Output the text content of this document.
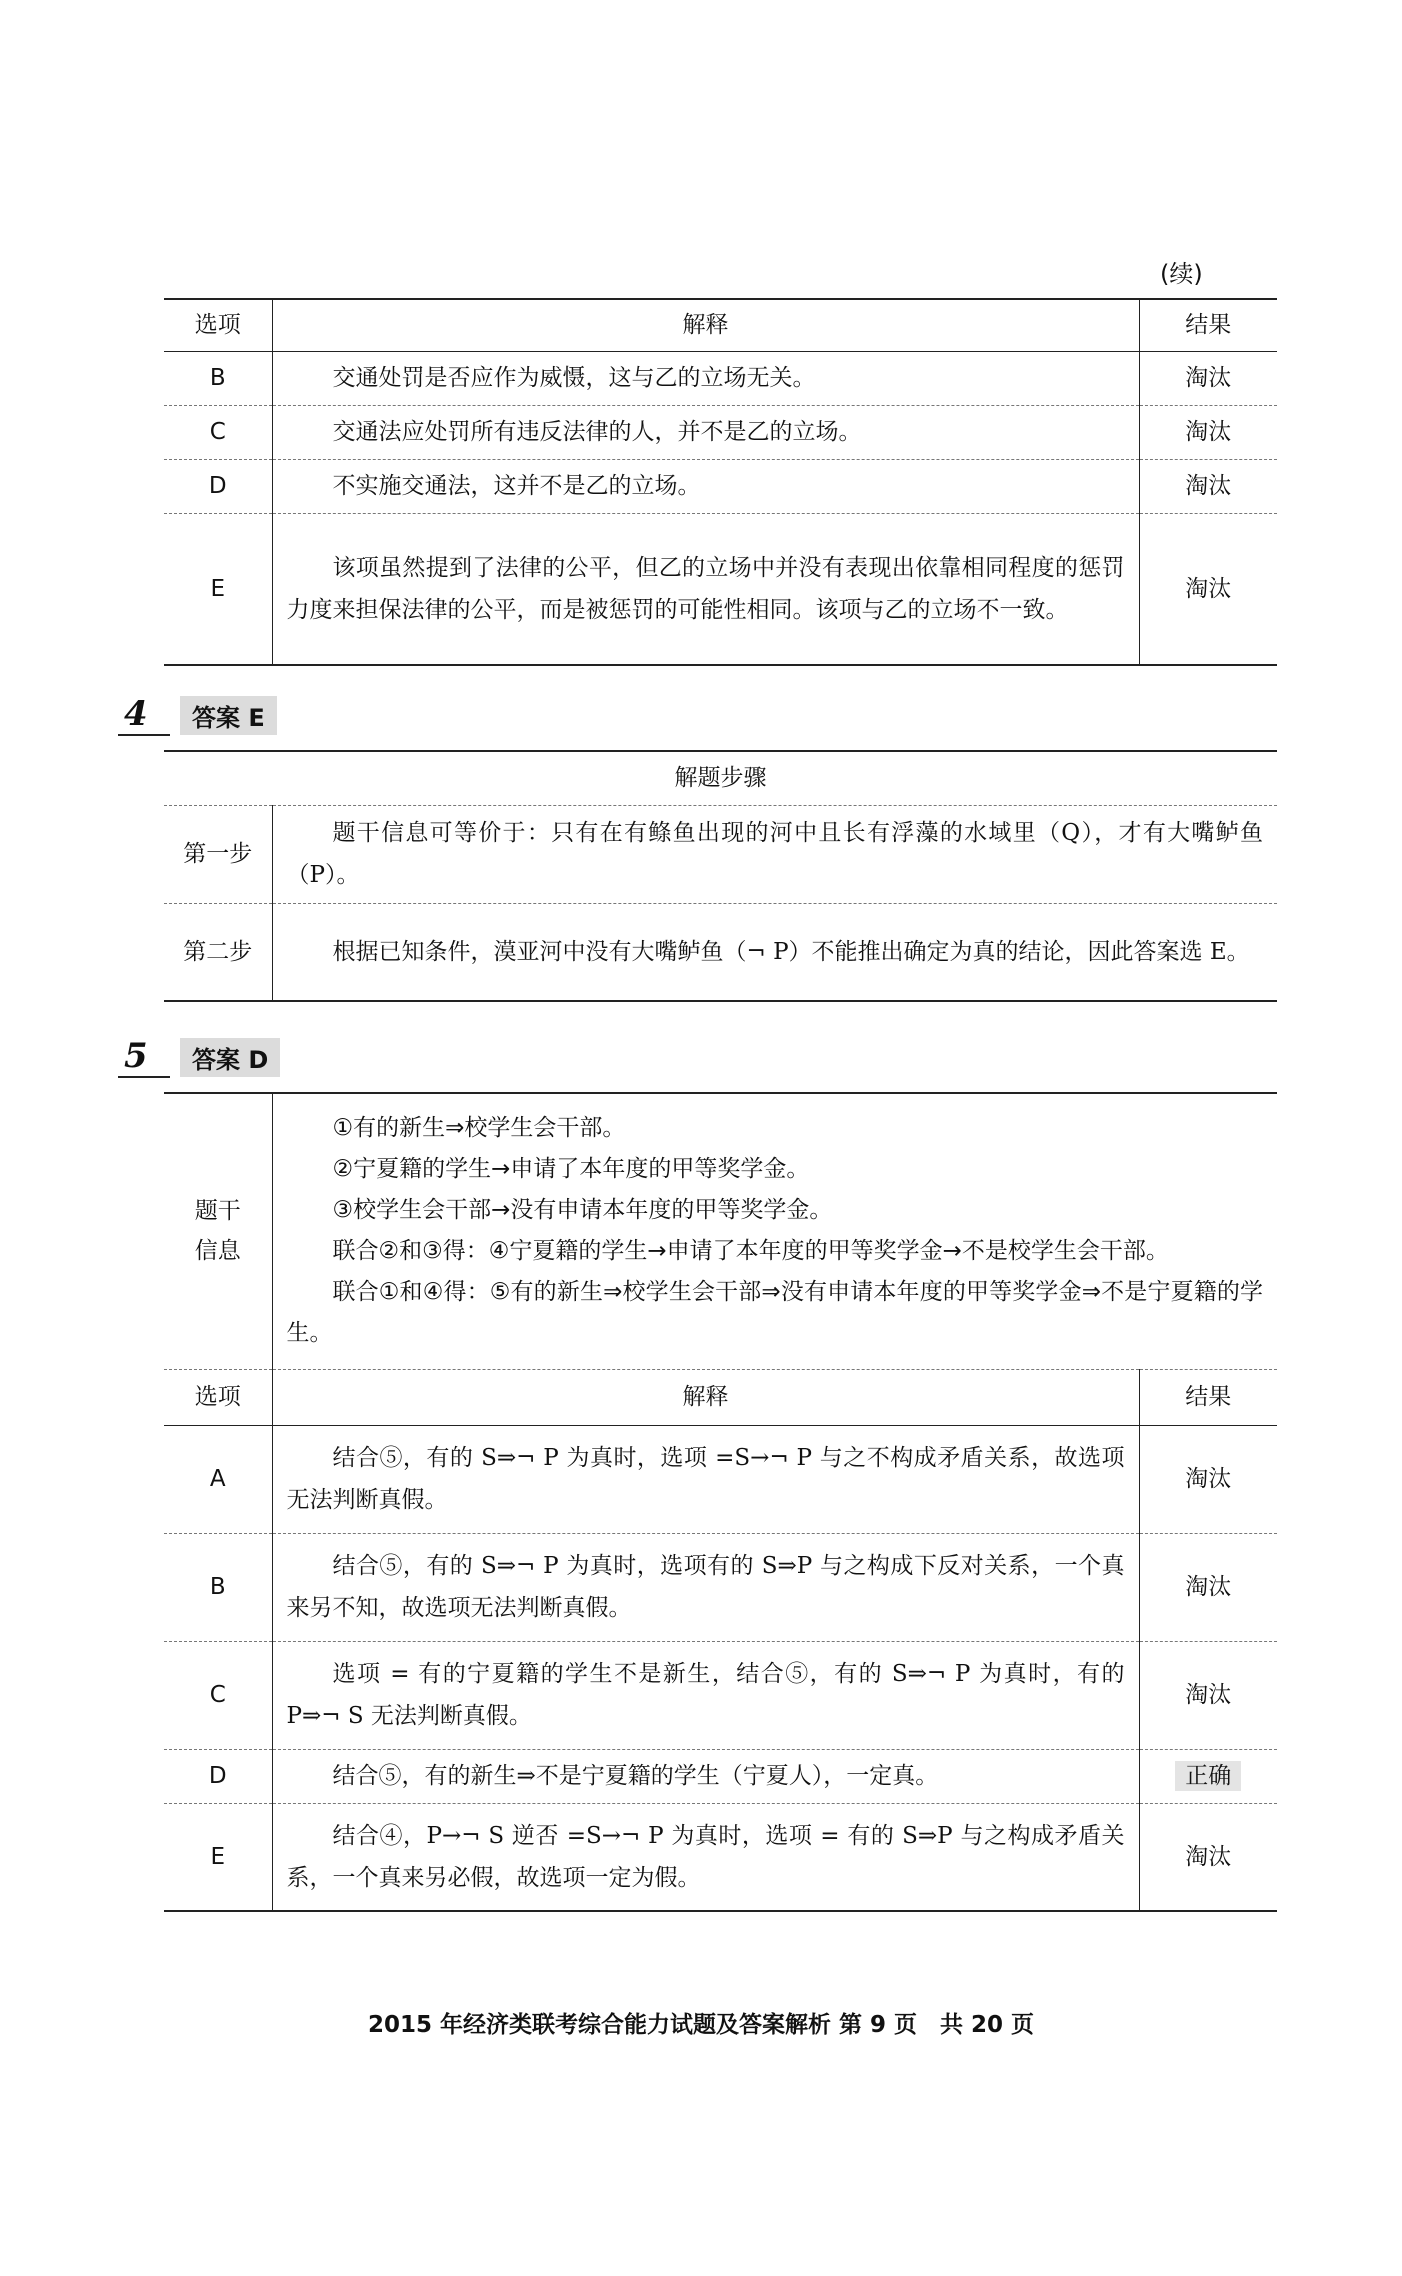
(续)
选项	解释	结果
B	交通处罚是否应作为威慑，这与乙的立场无关。	淘汰
C	交通法应处罚所有违反法律的人，并不是乙的立场。	淘汰
D	不实施交通法，这并不是乙的立场。	淘汰
E	该项虽然提到了法律的公平，但乙的立场中并没有表现出依靠相同程度的惩罚力度来担保法律的公平，而是被惩罚的可能性相同。该项与乙的立场不一致。	淘汰
4	答案 E
解题步骤	
第一步	题干信息可等价于：只有在有鲦鱼出现的河中且长有浮藻的水域里（Q），才有大嘴鲈鱼（P）。

第二步	根据已知条件，漠亚河中没有大嘴鲈鱼（¬ P）不能推出确定为真的结论，因此答案选 E。
5	答案 D
题干信息	①有的新生⇒校学生会干部。
②宁夏籍的学生→申请了本年度的甲等奖学金。
③校学生会干部→没有申请本年度的甲等奖学金。
联合②和③得：④宁夏籍的学生→申请了本年度的甲等奖学金→不是校学生会干部。
联合①和④得：⑤有的新生⇒校学生会干部⇒没有申请本年度的甲等奖学金⇒不是宁夏籍的学生。	

选项	解释	结果
A	结合⑤，有的 S⇒¬ P 为真时，选项 =S→¬ P 与之不构成矛盾关系，故选项无法判断真假。	淘汰
B	结合⑤，有的 S⇒¬ P 为真时，选项有的 S⇒P 与之构成下反对关系，一个真来另不知，故选项无法判断真假。	淘汰
C	选项 = 有的宁夏籍的学生不是新生，结合⑤，有的 S⇒¬ P 为真时，有的 P⇒¬ S 无法判断真假。	淘汰
D	结合⑤，有的新生⇒不是宁夏籍的学生（宁夏人），一定真。	正确
E	结合④，P→¬ S 逆否 =S→¬ P 为真时，选项 = 有的 S⇒P 与之构成矛盾关系，一个真来另必假，故选项一定为假。	淘汰
2015 年经济类联考综合能力试题及答案解析 第 9 页　共 20 页
